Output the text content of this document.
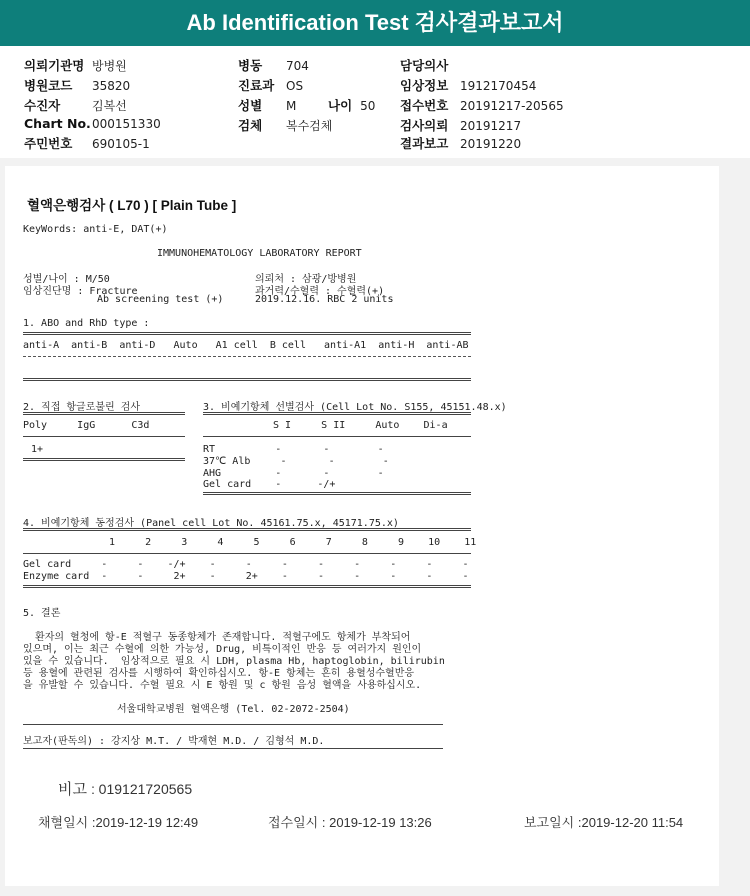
Ab Identification Test 검사결과보고서
의뢰기관명 방병원
병원코드 35820
수진자	김복선
Chart No.000151330
주민번호 690105-1
병동 704
진료과 OS
성별 M	나이 50
검체 복수검체
담당의사
임상정보 1912170454
접수번호 20191217-20565
검사의뢰 20191217
결과보고 20191220
혈액은행검사 ( L70 ) [ Plain Tube ]
KeyWords: anti-E, DAT(+)
IMMUNOHEMATOLOGY LABORATORY REPORT
성별/나이 : M/50
임상진단명 : Fracture
Ab screening test (+)
의뢰처 : 삼광/방병원
과거력/수혈력 : 수혈력(+)
2019.12.16. RBC 2 units
1. ABO and RhD type :
anti-A  anti-B  anti-D   Auto   A1 cell  B cell   anti-A1  anti-H  anti-AB
2. 직접 항글로불린 검사
Poly     IgG      C3d
1+
3. 비예기항체 선별검사 (Cell Lot No. S155, 45151.48.x)
S I     S II     Auto    Di-a
RT          -       -        -
37℃ Alb     -       -        -
AHG         -       -        -
Gel card    -      -/+
4. 비예기항체 동정검사 (Panel cell Lot No. 45161.75.x, 45171.75.x)
1     2     3     4     5     6     7     8     9    10    11
Gel card     -     -    -/+    -     -     -     -     -     -     -     -
Enzyme card  -     -     2+    -     2+    -     -     -     -     -     -
5. 결론
환자의 혈청에 항-E 적혈구 동종항체가 존재합니다. 적혈구에도 항체가 부착되어
있으며, 이는 최근 수혈에 의한 가능성, Drug, 비특이적인 반응 등 여러가지 원인이
있을 수 있습니다.  임상적으로 필요 시 LDH, plasma Hb, haptoglobin, bilirubin
등 용혈에 관련된 검사를 시행하여 확인하십시오. 항-E 항체는 흔히 용혈성수혈반응
을 유발할 수 있습니다. 수혈 필요 시 E 항원 및 c 항원 음성 혈액을 사용하십시오.
서울대학교병원 혈액은행 (Tel. 02-2072-2504)
보고자(판독의) : 강지상 M.T. / 박재현 M.D. / 김형석 M.D.
비고 : 019121720565
채혈일시 :2019-12-19 12:49	접수일시 : 2019-12-19 13:26	보고일시 :2019-12-20 11:54
